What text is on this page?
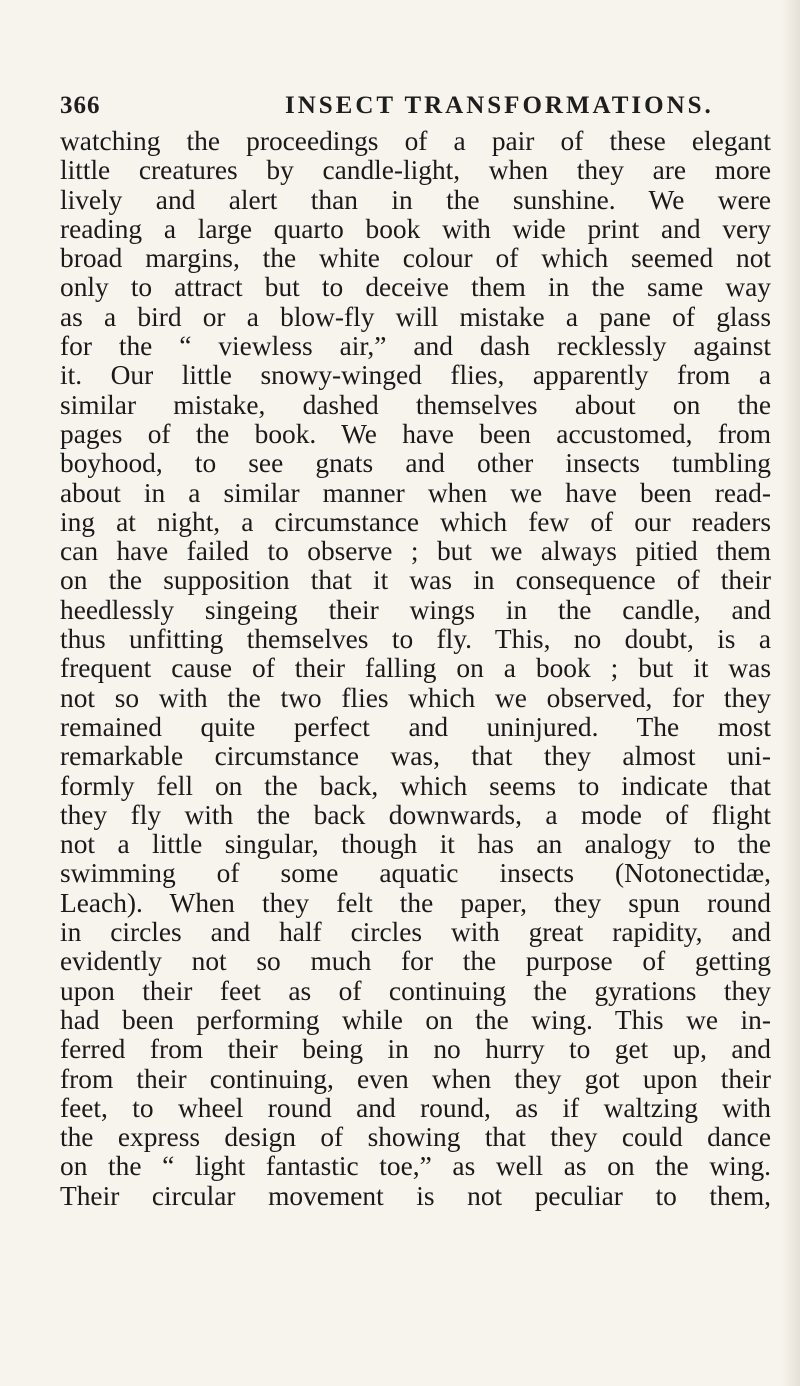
366	INSECT TRANSFORMATIONS.
watching the proceedings of a pair of these elegant
little creatures by candle-light, when they are more
lively and alert than in the sunshine. We were
reading a large quarto book with wide print and very
broad margins, the white colour of which seemed not
only to attract but to deceive them in the same way
as a bird or a blow-fly will mistake a pane of glass
for the “ viewless air,” and dash recklessly against
it. Our little snowy-winged flies, apparently from a
similar mistake, dashed themselves about on the
pages of the book. We have been accustomed, from
boyhood, to see gnats and other insects tumbling
about in a similar manner when we have been read-
ing at night, a circumstance which few of our readers
can have failed to observe ; but we always pitied them
on the supposition that it was in consequence of their
heedlessly singeing their wings in the candle, and
thus unfitting themselves to fly. This, no doubt, is a
frequent cause of their falling on a book ; but it was
not so with the two flies which we observed, for they
remained quite perfect and uninjured. The most
remarkable circumstance was, that they almost uni-
formly fell on the back, which seems to indicate that
they fly with the back downwards, a mode of flight
not a little singular, though it has an analogy to the
swimming of some aquatic insects (Notonectidæ,
Leach). When they felt the paper, they spun round
in circles and half circles with great rapidity, and
evidently not so much for the purpose of getting
upon their feet as of continuing the gyrations they
had been performing while on the wing. This we in-
ferred from their being in no hurry to get up, and
from their continuing, even when they got upon their
feet, to wheel round and round, as if waltzing with
the express design of showing that they could dance
on the “ light fantastic toe,” as well as on the wing.
Their circular movement is not peculiar to them,
